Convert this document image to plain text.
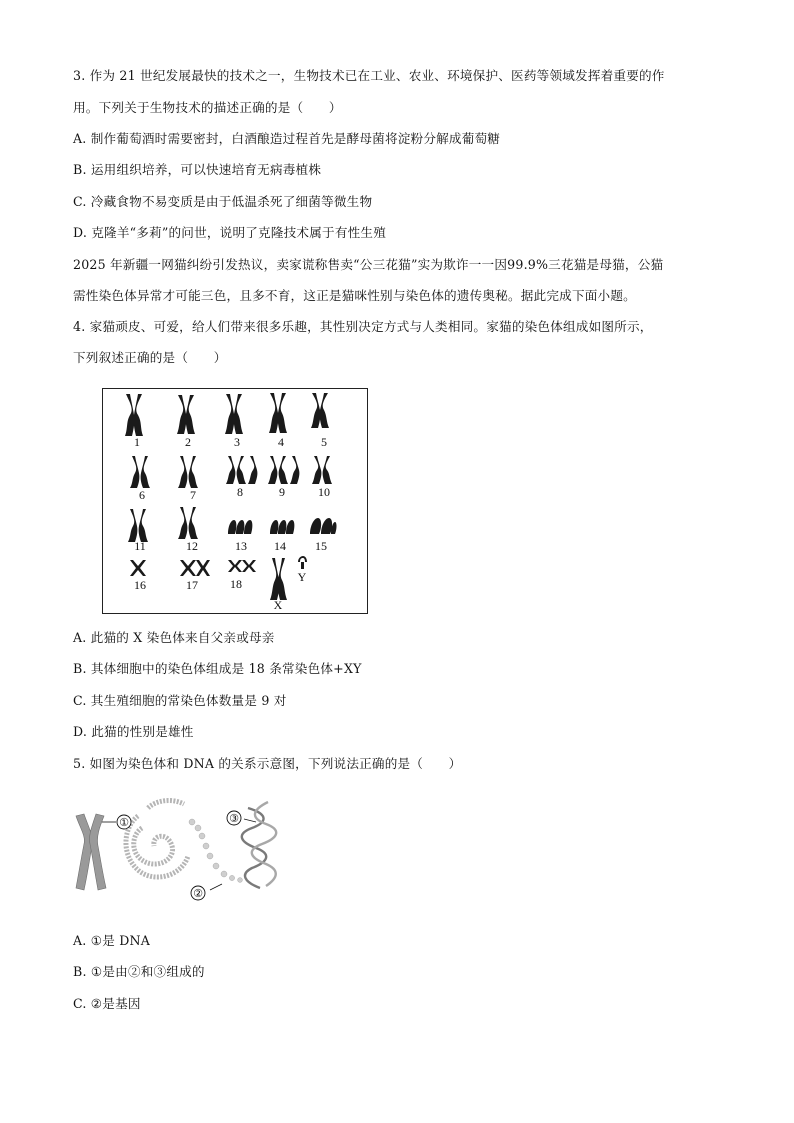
3. 作为 21 世纪发展最快的技术之一，生物技术已在工业、农业、环境保护、医药等领域发挥着重要的作
用。下列关于生物技术的描述正确的是（　　）
A. 制作葡萄酒时需要密封，白酒酿造过程首先是酵母菌将淀粉分解成葡萄糖
B. 运用组织培养，可以快速培育无病毒植株
C. 冷藏食物不易变质是由于低温杀死了细菌等微生物
D. 克隆羊“多莉”的问世，说明了克隆技术属于有性生殖
2025 年新疆一网猫纠纷引发热议，卖家谎称售卖“公三花猫”实为欺诈一一因99.9%三花猫是母猫，公猫
需性染色体异常才可能三色，且多不育，这正是猫咪性别与染色体的遗传奥秘。据此完成下面小题。
4. 家猫顽皮、可爱，给人们带来很多乐趣，其性别决定方式与人类相同。家猫的染色体组成如图所示，
下列叙述正确的是（　　）
1	2	3	4	5
6	7	8	9	10
11	12	13 14 15
16	17	18
X
Y
A. 此猫的 X 染色体来自父亲或母亲
B. 其体细胞中的染色体组成是 18 条常染色体+XY
C. 其生殖细胞的常染色体数量是 9 对
D. 此猫的性别是雄性
5. 如图为染色体和 DNA 的关系示意图，下列说法正确的是（　　）
①
②
③
A. ①是 DNA
B. ①是由②和③组成的
C. ②是基因
